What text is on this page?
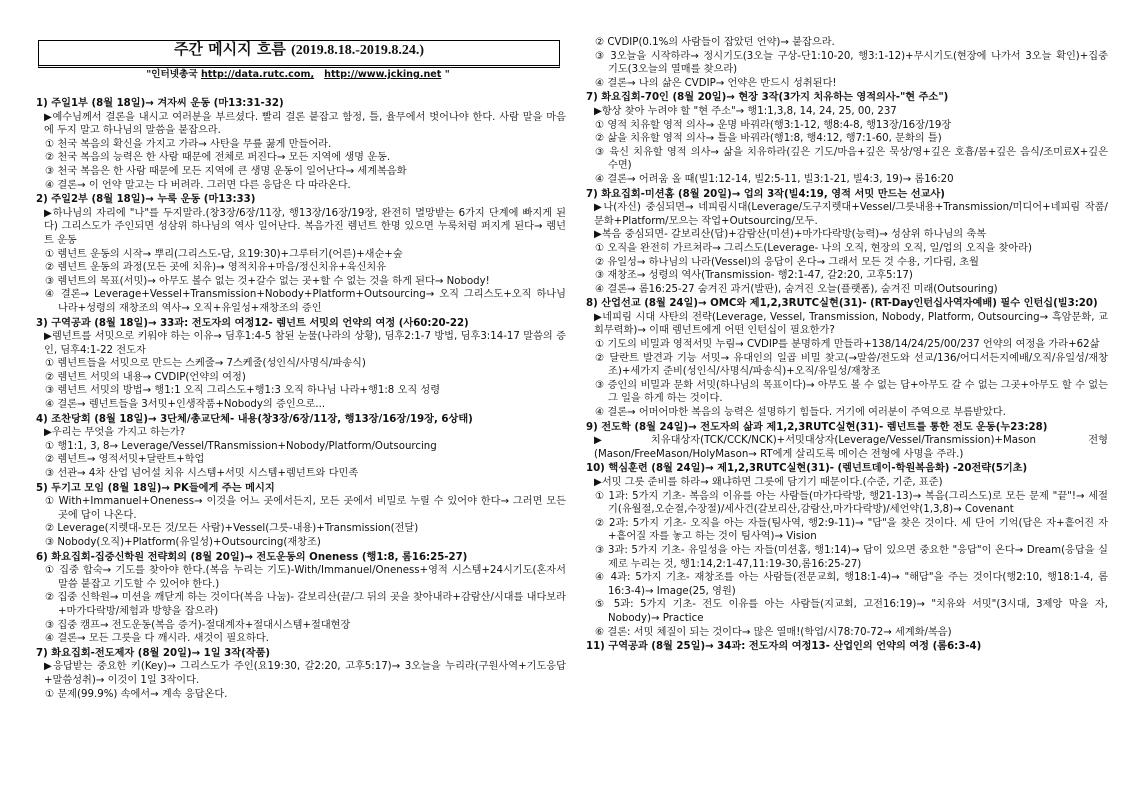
주간 메시지 흐름 (2019.8.18.-2019.8.24.)
"인터넷총국 http://data.rutc.com, http://www.jcking.net "
1) 주일1부 (8월 18일)→ 겨자씨 운동 (마13:31-32)
▶예수님께서 결론을 내시고 여러분을 부르셨다. 빨리 결론 붙잡고 함정, 틀, 율무에서 벗어나야 한다. 사람 말을 마음에 두지 말고 하나님의 말씀을 붙잡으라.
① 천국 복음의 확신을 가지고 가라→ 사탄을 무릎 꿇게 만들어라.
② 천국 복음의 능력은 한 사람 때문에 전체로 퍼진다→ 모든 지역에 생명 운동.
③ 천국 복음은 한 사람 때문에 모든 지역에 큰 생명 운동이 일어난다→ 세계복음화
④ 결론→ 이 언약 말고는 다 버려라. 그러면 다른 응답은 다 따라온다.
2) 주일2부 (8월 18일)→ 누룩 운동 (마13:33)
▶하나님의 자리에 "나"를 두지말라.(창3장/6장/11장, 행13장/16장/19장, 완전히 멸망받는 6가지 단계에 빠지게 된다) 그리스도가 주인되면 성삼위 하나님의 역사 일어난다. 복음가진 렘넌트 한명 있으면 누룩처럼 퍼지게 된다→ 렘넌트 운동
① 렘넌트 운동의 시작→ 뿌리(그리스도-답, 요19:30)+그루터기(어른)+새순+숲
② 렘넌트 운동의 과정(모든 곳에 치유)→ 영적치유+마음/정신치유+육신치유
③ 렘넌트의 목표(서밋)→ 아무도 볼수 없는 것+갈수 없는 곳+할 수 없는 것을 하게 된다→ Nobody!
④ 결론→ Leverage+Vessel+Transmission+Nobody+Platform+Outsourcing→ 오직 그리스도+오직 하나님 나라+성령의 재창조의 역사→ 오직+유일성+재창조의 증인
3) 구역공과 (8월 18일)→ 33과: 전도자의 여정12- 렘넌트 서밋의 언약의 여정 (사60:20-22)
▶렘넌트를 서밋으로 키워야 하는 이유→ 딤후1:4-5 참된 눈물(나라의 상황), 딤후2:1-7 방법, 딤후3:14-17 말씀의 증인, 딤후4:1-22 전도자
① 렘넌트들을 서밋으로 만드는 스케줄→ 7스케줄(성인식/사명식/파송식)
② 렘넌트 서밋의 내용→ CVDIP(언약의 여정)
③ 렘넌트 서밋의 방법→ 행1:1 오직 그리스도+행1:3 오직 하나님 나라+행1:8 오직 성령
④ 결론→ 렘넌트들을 3서밋+인생작품+Nobody의 증인으로...
4) 조찬당회 (8월 18일)→ 3단체/총교단체- 내용(창3장/6장/11장, 행13장/16장/19장, 6상태)
▶우리는 무엇을 가지고 하는가?
① 행1:1, 3, 8→ Leverage/Vessel/TRansmission+Nobody/Platform/Outsourcing
② 렘넌트→ 영적서밋+달란트+학업
③ 선관→ 4차 산업 넘어설 치유 시스템+서밋 시스템+렘넌트와 다민족
5) 두기고 모임 (8월 18일)→ PK들에게 주는 메시지
① With+Immanuel+Oneness→ 이것을 어느 곳에서든지, 모든 곳에서 비밀로 누릴 수 있어야 한다→ 그러면 모든 곳에 답이 나온다.
② Leverage(지렛대-모든 것/모든 사람)+Vessel(그릇-내용)+Transmission(전달)
③ Nobody(오직)+Platform(유일성)+Outsourcing(재창조)
6) 화요집회-집중신학원 전략회의 (8월 20일)→ 전도운동의 Oneness (행1:8, 롬16:25-27)
① 집중 합숙→ 기도를 찾아야 한다.(복음 누리는 기도)-With/Immanuel/Oneness+영적 시스템+24시기도(혼자서 말씀 붙잡고 기도할 수 있어야 한다.)
② 집중 신학원→ 미션을 깨닫게 하는 것이다(복음 나눔)- 갈보리산(끝/그 뒤의 곳을 찾아내라+감람산/시대를 내다보라+마가다락방/체험과 방향을 잡으라)
③ 집중 캠프→ 전도운동(복음 증거)-절대계자+절대시스템+절대현장
④ 결론→ 모든 그릇을 다 깨시라. 새것이 필요하다.
7) 화요집회-전도제자 (8월 20일)→ 1일 3작(작품)
▶응답받는 중요한 키(Key)→ 그리스도가 주인(요19:30, 갈2:20, 고후5:17)→ 3오늘을 누리라(구원사역+기도응답+말씀성취)→ 이것이 1일 3작이다.
① 문제(99.9%) 속에서→ 계속 응답온다.
② CVDIP(0.1%의 사람들이 잡았던 언약)→ 붙잡으라.
③ 3오늘을 시작하라→ 정시기도(3오늘 구상-단1:10-20, 행3:1-12)+무시기도(현장에 나가서 3오늘 확인)+집중 기도(3오늘의 열매를 찾으라)
④ 결론→ 나의 삶은 CVDIP→ 언약은 반드시 성취된다!
7) 화요집회-70인 (8월 20일)→ 현장 3작(3가지 치유하는 영적의사-"현 주소")
▶항상 찾아 누려야 할 "현 주소"→ 행1:1,3,8, 14, 24, 25, 00, 237
① 영적 치유할 영적 의사→ 운명 바꿔라(행3:1-12, 행8:4-8, 행13장/16장/19장
② 삶을 치유할 영적 의사→ 틀을 바꿔라(행1:8, 행4:12, 행7:1-60, 문화의 틀)
③ 육신 치유할 영적 의사→ 삶을 치유하라(깊은 기도/마음+깊은 묵상/영+깊은 호흡/몸+깊은 음식/조미료X+깊은 수면)
④ 결론→ 어려움 올 때(빌1:12-14, 빌2:5-11, 빌3:1-21, 빌4:3, 19)→ 롬16:20
7) 화요집회-미션홈 (8월 20일)→ 업의 3작(빌4:19, 영적 서밋 만드는 선교사)
▶나(자신) 중심되면→ 네피림시대(Leverage/도구지렛대+Vessel/그릇내용+Transmission/미디어+네피림 작품/문화+Platform/모으는 작업+Outsourcing/모두.
▶복음 중심되면- 갈보리산(답)+감람산(미션)+마가다락방(능력)→ 성삼위 하나님의 축복
① 오직을 완전히 가르쳐라→ 그리스도(Leverage- 나의 오직, 현장의 오직, 일/업의 오직을 찾아라)
② 유일성→ 하나님의 나라(Vessel)의 응답이 온다→ 그래서 모든 것 수용, 기다림, 초월
③ 재창조→ 성령의 역사(Transmission- 행2:1-47, 갈2:20, 고후5:17)
④ 결론→ 롬16:25-27 숨겨진 과거(발판), 숨겨진 오늘(플랫폼), 숨겨진 미래(Outsouring)
8) 산업선교 (8월 24일)→ OMC와 제1,2,3RUTC실현(31)- (RT-Day인턴십사역자예배) 필수 인턴십(빌3:20)
▶네피림 시대 사탄의 전략(Leverage, Vessel, Transmission, Nobody, Platform, Outsourcing→ 흑암문화, 교회무력화)→ 이때 렘넌트에게 어떤 인턴십이 필요한가?
① 기도의 비밀과 영적서밋 누림→ CVDIP를 분명하게 만들라+138/14/24/25/00/237 언약의 여정을 가라+62삶
② 달란트 발견과 기능 서밋→ 유대인의 일곱 비밀 찾고(→말씀/전도와 선교/136/어디서든지예배/오직/유일성/재창조)+세가지 준비(성인식/사명식/파송식)+오직/유일성/재창조
③ 증인의 비밀과 문화 서밋(하나님의 목표이다)→ 아무도 볼 수 없는 답+아무도 갈 수 없는 그곳+아무도 할 수 없는 그 일을 하게 하는 것이다.
④ 결론→ 어머어마한 복음의 능력은 설명하기 힘들다. 거기에 여러분이 주역으로 부름받았다.
9) 전도학 (8월 24일)→ 전도자의 삶과 제1,2,3RUTC실현(31)- 렘넌트를 통한 전도 운동(누23:28)
▶치유대상자(TCK/CCK/NCK)+서밋대상자(Leverage/Vessel/Transmission)+Mason 전형(Mason/FreeMason/HolyMason→ RT에게 살리도록 메이슨 전형에 사명을 주라.)
10) 핵심훈련 (8월 24일)→ 제1,2,3RUTC실현(31)- (렘넌트데이-학원복음화) -20전략(5기초)
▶서밋 그릇 준비를 하라→ 왜냐하면 그릇에 담기기 때문이다.(수준, 기준, 표준)
① 1과: 5가지 기초- 복음의 이유를 아는 사람들(마가다락방, 행21-13)→ 복음(그리스도)로 모든 문제 "끝"!→ 세절기(유월절,오순절,수장절)/세사건(갈보리산,감람산,마가다락방)/세언약(1,3,8)→ Covenant
② 2과: 5가지 기초- 오직을 아는 자들(팀사역, 행2:9-11)→ "답"을 찾은 것이다. 세 단어 기억(답은 자+흩어진 자+흩어질 자를 놓고 하는 것이 팀사역)→ Vision
③ 3과: 5가지 기초- 유일성을 아는 자들(미션홈, 행1:14)→ 답이 있으면 중요한 "응답"이 온다→ Dream(응답을 실제로 누리는 것, 행1:14,2:1-47,11:19-30,롬16:25-27)
④ 4과: 5가지 기초- 재창조를 아는 사람들(전문교회, 행18:1-4)→ "해답"을 주는 것이다(행2:10, 행18:1-4, 롬16:3-4)→ Image(25, 영원)
⑤ 5과: 5가지 기초- 전도 이유를 아는 사람들(지교회, 고전16:19)→ "치유와 서밋"(3시대, 3제앙 막을 자, Nobody)→ Practice
⑥ 결론: 서밋 체질이 되는 것이다→ 많은 열매!(학업/시78:70-72→ 세계화/복음)
11) 구역공과 (8월 25일)→ 34과: 전도자의 여정13- 산업인의 언약의 여정 (롬6:3-4)
